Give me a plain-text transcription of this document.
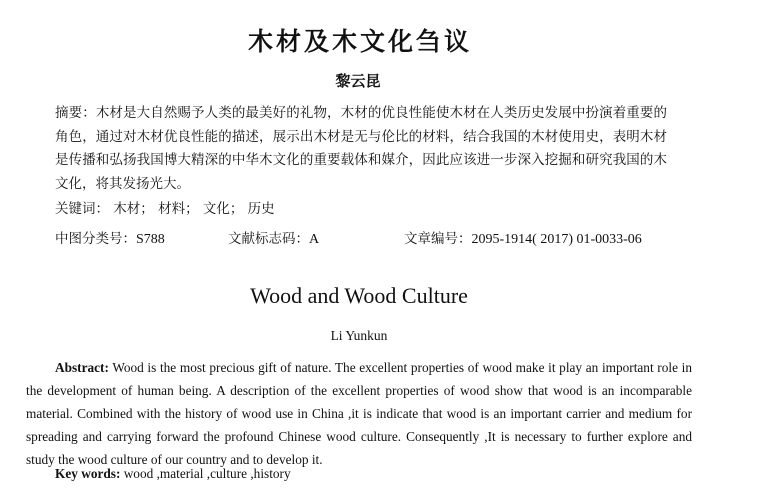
木材及木文化刍议
黎云昆
摘要：木材是大自然赐予人类的最美好的礼物，木材的优良性能使木材在人类历史发展中扮演着重要的角色，通过对木材优良性能的描述，展示出木材是无与伦比的材料，结合我国的木材使用史，表明木材是传播和弘扬我国博大精深的中华木文化的重要载体和媒介，因此应该进一步深入挖掘和研究我国的木文化，将其发扬光大。
关键词： 木材； 材料； 文化； 历史
中图分类号：S788	文献标志码：A	文章编号：2095-1914( 2017) 01-0033-06
Wood and Wood Culture
Li Yunkun
Abstract: Wood is the most precious gift of nature. The excellent properties of wood make it play an important role in the development of human being. A description of the excellent properties of wood show that wood is an incomparable material. Combined with the history of wood use in China ,it is indicate that wood is an important carrier and medium for spreading and carrying forward the profound Chinese wood culture. Consequently ,It is necessary to further explore and study the wood culture of our country and to develop it.
Key words: wood ,material ,culture ,history
